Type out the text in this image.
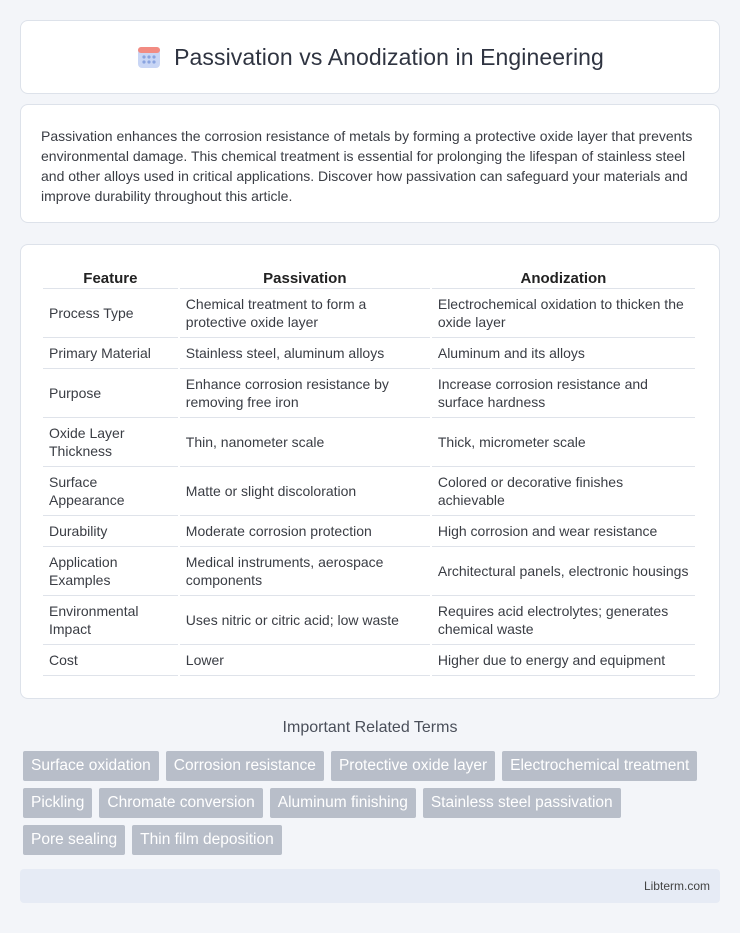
Passivation vs Anodization in Engineering

Passivation enhances the corrosion resistance of metals by forming a protective oxide layer that prevents environmental damage. This chemical treatment is essential for prolonging the lifespan of stainless steel and other alloys used in critical applications. Discover how passivation can safeguard your materials and improve durability throughout this article.

Feature	Passivation	Anodization
Process Type	Chemical treatment to form a protective oxide layer	Electrochemical oxidation to thicken the oxide layer
Primary Material	Stainless steel, aluminum alloys	Aluminum and its alloys
Purpose	Enhance corrosion resistance by removing free iron	Increase corrosion resistance and surface hardness
Oxide Layer Thickness	Thin, nanometer scale	Thick, micrometer scale
Surface Appearance	Matte or slight discoloration	Colored or decorative finishes achievable
Durability	Moderate corrosion protection	High corrosion and wear resistance
Application Examples	Medical instruments, aerospace components	Architectural panels, electronic housings
Environmental Impact	Uses nitric or citric acid; low waste	Requires acid electrolytes; generates chemical waste
Cost	Lower	Higher due to energy and equipment
Important Related Terms
Surface oxidation	Corrosion resistance	Protective oxide layer	Electrochemical treatment
Pickling	Chromate conversion	Aluminum finishing	Stainless steel passivation
Pore sealing	Thin film deposition
Libterm.com
